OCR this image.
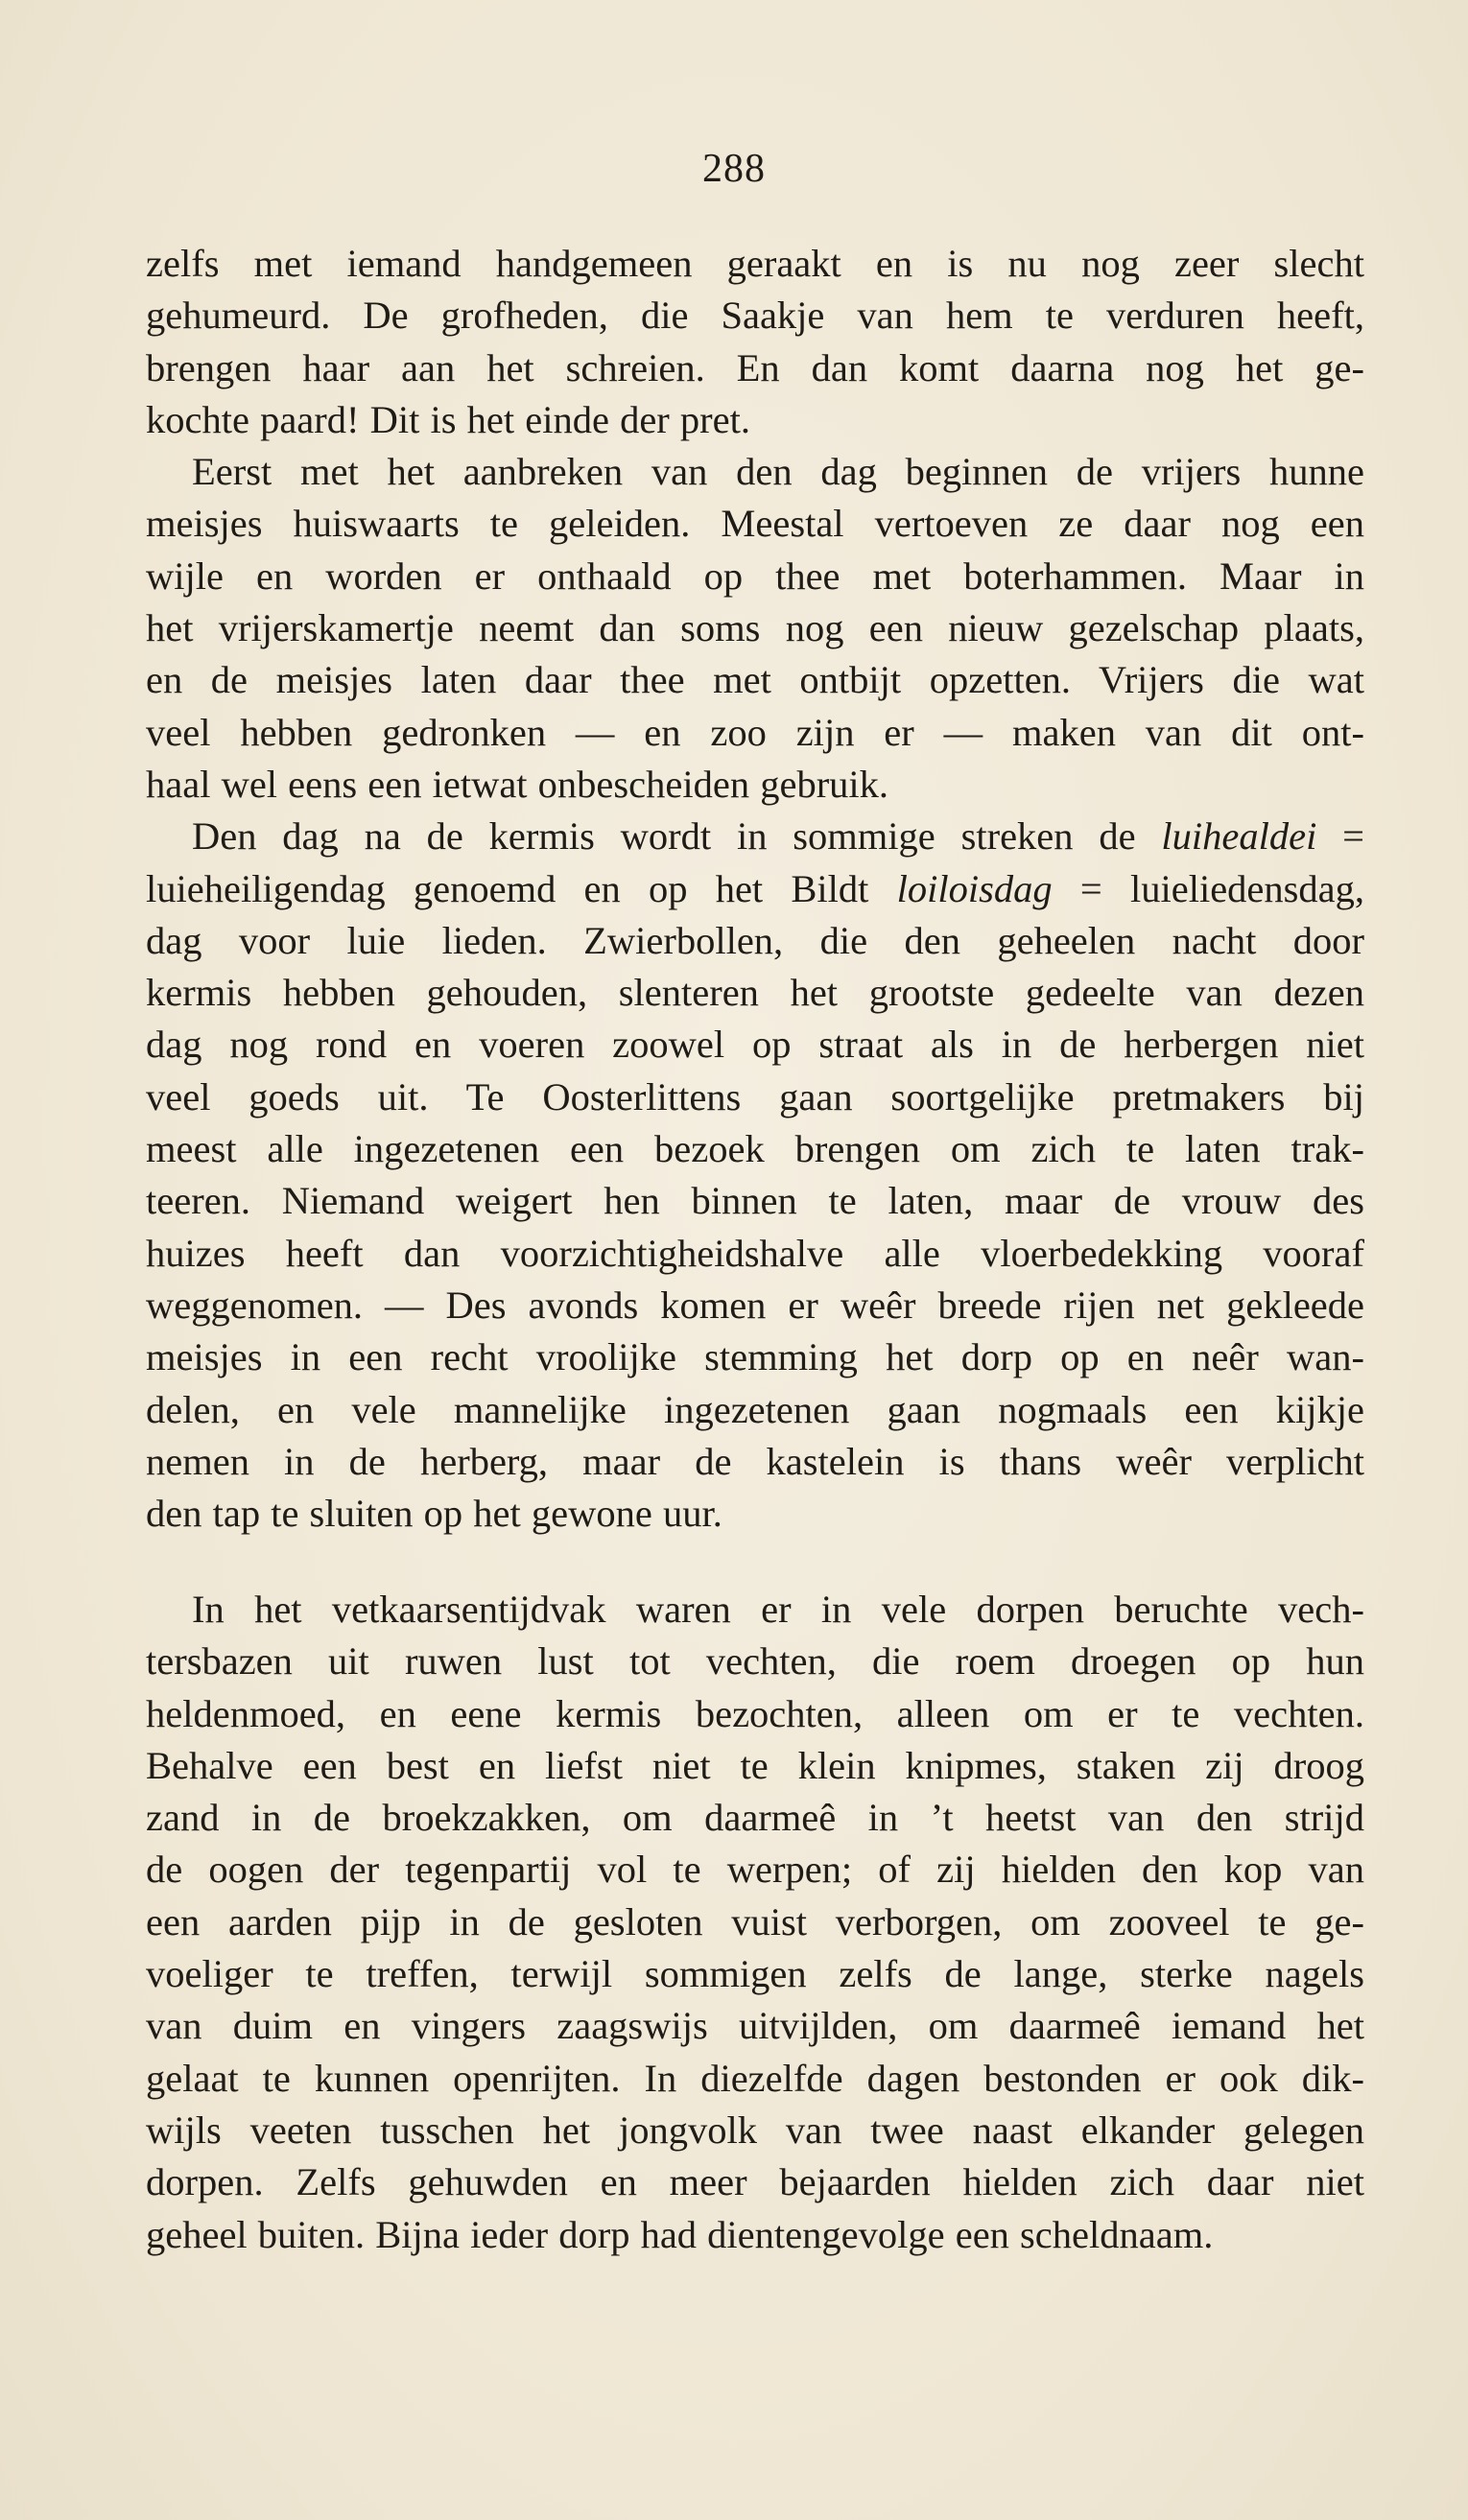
288
zelfs met iemand handgemeen geraakt en is nu nog zeer slecht
gehumeurd. De grofheden, die Saakje van hem te verduren heeft,
brengen haar aan het schreien. En dan komt daarna nog het ge-
kochte paard! Dit is het einde der pret.
Eerst met het aanbreken van den dag beginnen de vrijers hunne
meisjes huiswaarts te geleiden. Meestal vertoeven ze daar nog een
wijle en worden er onthaald op thee met boterhammen. Maar in
het vrijerskamertje neemt dan soms nog een nieuw gezelschap plaats,
en de meisjes laten daar thee met ontbijt opzetten. Vrijers die wat
veel hebben gedronken — en zoo zijn er — maken van dit ont-
haal wel eens een ietwat onbescheiden gebruik.
Den dag na de kermis wordt in sommige streken de luihealdei =
luieheiligendag genoemd en op het Bildt loiloisdag = luieliedensdag,
dag voor luie lieden. Zwierbollen, die den geheelen nacht door
kermis hebben gehouden, slenteren het grootste gedeelte van dezen
dag nog rond en voeren zoowel op straat als in de herbergen niet
veel goeds uit. Te Oosterlittens gaan soortgelijke pretmakers bij
meest alle ingezetenen een bezoek brengen om zich te laten trak-
teeren. Niemand weigert hen binnen te laten, maar de vrouw des
huizes heeft dan voorzichtigheidshalve alle vloerbedekking vooraf
weggenomen. — Des avonds komen er weêr breede rijen net gekleede
meisjes in een recht vroolijke stemming het dorp op en neêr wan-
delen, en vele mannelijke ingezetenen gaan nogmaals een kijkje
nemen in de herberg, maar de kastelein is thans weêr verplicht
den tap te sluiten op het gewone uur.
In het vetkaarsentijdvak waren er in vele dorpen beruchte vech-
tersbazen uit ruwen lust tot vechten, die roem droegen op hun
heldenmoed, en eene kermis bezochten, alleen om er te vechten.
Behalve een best en liefst niet te klein knipmes, staken zij droog
zand in de broekzakken, om daarmeê in ’t heetst van den strijd
de oogen der tegenpartij vol te werpen; of zij hielden den kop van
een aarden pijp in de gesloten vuist verborgen, om zooveel te ge-
voeliger te treffen, terwijl sommigen zelfs de lange, sterke nagels
van duim en vingers zaagswijs uitvijlden, om daarmeê iemand het
gelaat te kunnen openrijten. In diezelfde dagen bestonden er ook dik-
wijls veeten tusschen het jongvolk van twee naast elkander gelegen
dorpen. Zelfs gehuwden en meer bejaarden hielden zich daar niet
geheel buiten. Bijna ieder dorp had dientengevolge een scheldnaam.
